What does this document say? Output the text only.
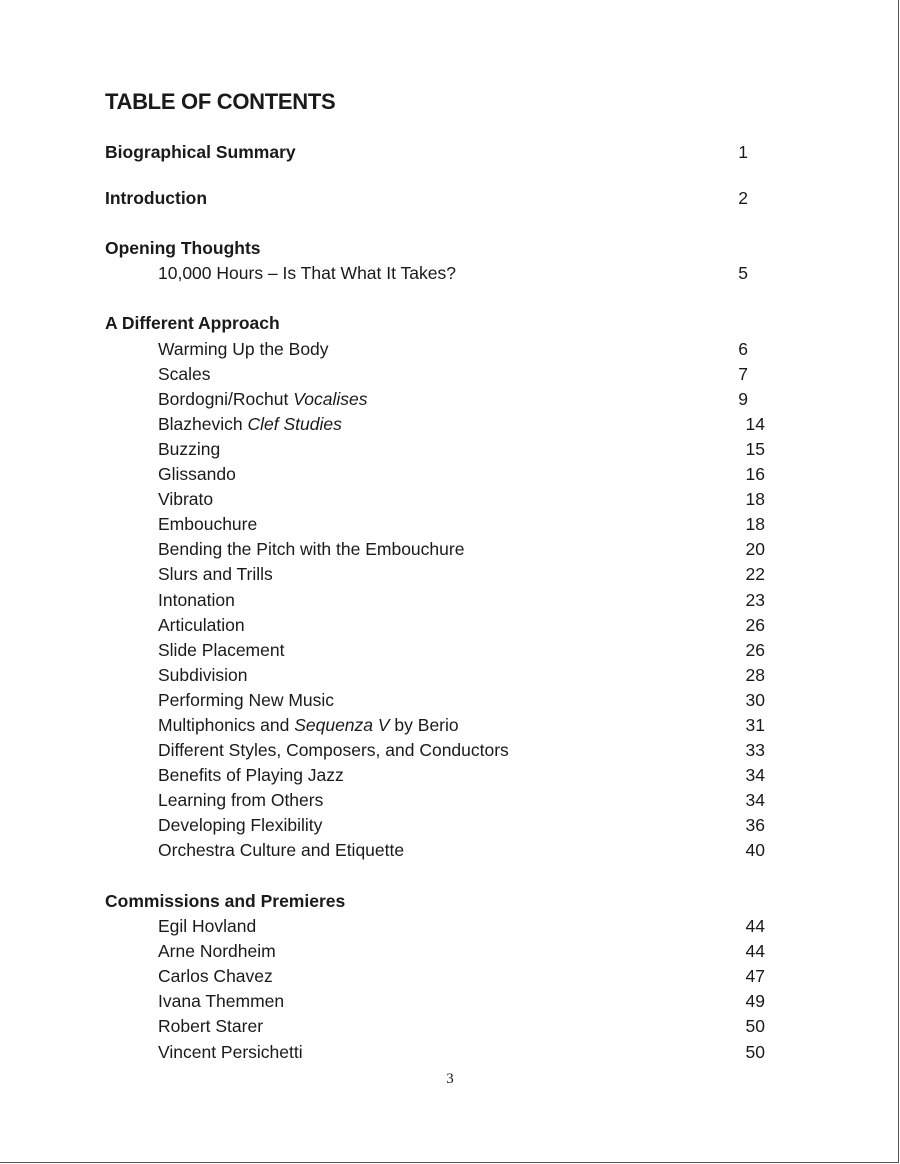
TABLE OF CONTENTS
Biographical Summary	1
Introduction	2
Opening Thoughts
10,000 Hours – Is That What It Takes?	5
A Different Approach
Warming Up the Body	6
Scales	7
Bordogni/Rochut Vocalises	9
Blazhevich Clef Studies	14
Buzzing	15
Glissando	16
Vibrato	18
Embouchure	18
Bending the Pitch with the Embouchure	20
Slurs and Trills	22
Intonation	23
Articulation	26
Slide Placement	26
Subdivision	28
Performing New Music	30
Multiphonics and Sequenza V by Berio	31
Different Styles, Composers, and Conductors	33
Benefits of Playing Jazz	34
Learning from Others	34
Developing Flexibility	36
Orchestra Culture and Etiquette	40
Commissions and Premieres
Egil Hovland	44
Arne Nordheim	44
Carlos Chavez	47
Ivana Themmen	49
Robert Starer	50
Vincent Persichetti	50
3
